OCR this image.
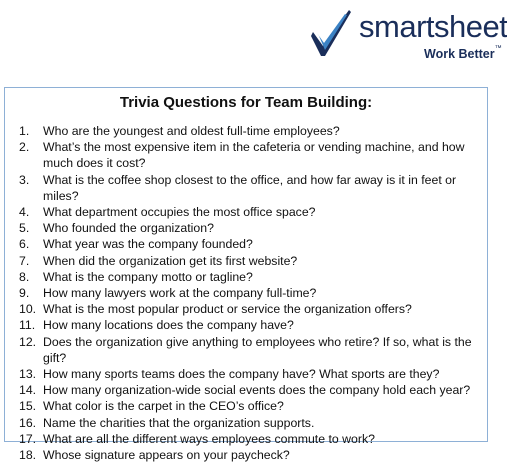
smartsheet
Work Better™
Trivia Questions for Team Building:
1.	Who are the youngest and oldest full-time employees?
2.	What’s the most expensive item in the cafeteria or vending machine, and how much does it cost?
3.	What is the coffee shop closest to the office, and how far away is it in feet or miles?
4.	What department occupies the most office space?
5.	Who founded the organization?
6.	What year was the company founded?
7.	When did the organization get its first website?
8.	What is the company motto or tagline?
9.	How many lawyers work at the company full-time?
10. What is the most popular product or service the organization offers?
11. How many locations does the company have?
12. Does the organization give anything to employees who retire? If so, what is the gift?
13. How many sports teams does the company have? What sports are they?
14. How many organization-wide social events does the company hold each year?
15. What color is the carpet in the CEO’s office?
16. Name the charities that the organization supports.
17. What are all the different ways employees commute to work?
18. Whose signature appears on your paycheck?
